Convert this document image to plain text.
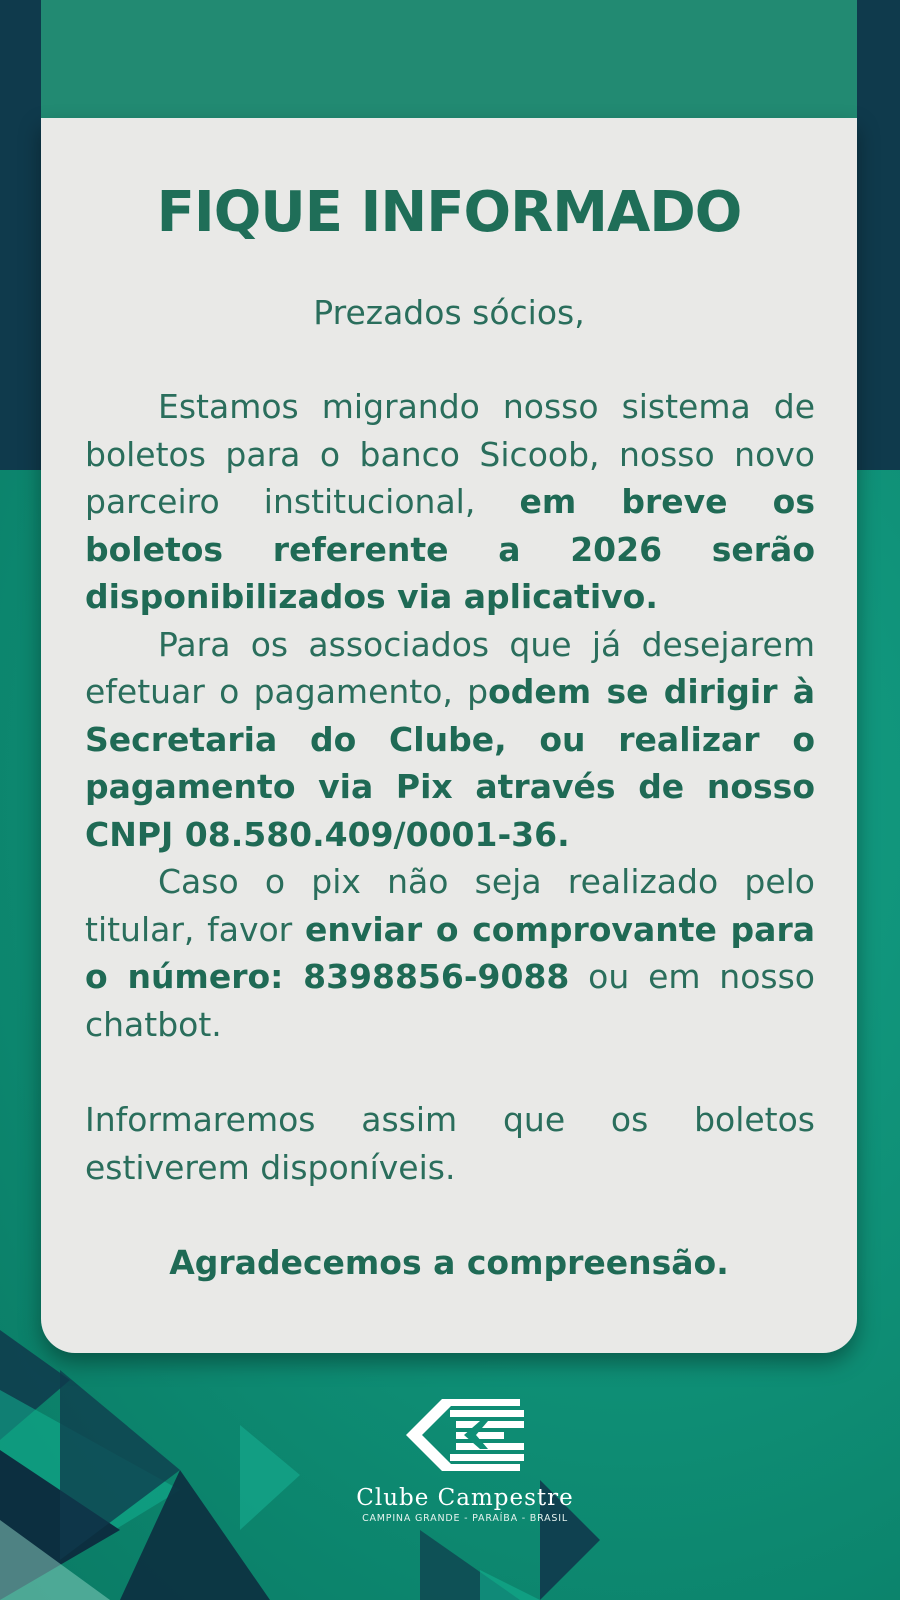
FIQUE INFORMADO

Prezados sócios,

Estamos migrando nosso sistema de boletos para o banco Sicoob, nosso novo parceiro institucional, em breve os boletos referente a 2026 serão disponibilizados via aplicativo.

Para os associados que já desejarem efetuar o pagamento, podem se dirigir à Secretaria do Clube, ou realizar o pagamento via Pix através de nosso CNPJ 08.580.409/0001-36.

Caso o pix não seja realizado pelo titular, favor enviar o comprovante para o número: 8398856-9088 ou em nosso chatbot.

Informaremos assim que os boletos estiverem disponíveis.

Agradecemos a compreensão.

Clube Campestre
CAMPINA GRANDE - PARAÍBA - BRASIL
